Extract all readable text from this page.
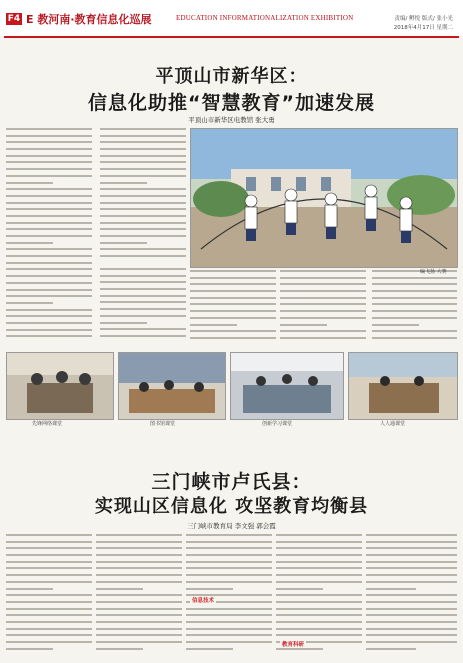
F4 E 教河南·教育信息化巡展	EDUCATION INFORMATIONALIZATION EXHIBITION	责编/ 孵悦 版式/ 张小光
2018年4月17日 星期二
平顶山市新华区：
信息化助推“智慧教育”加速发展
平顶山市新华区电教馆 张大勇
编飞扬 大赛
先锋网络课堂	图书馆课堂	创新学习课堂	人人通课堂
三门峡市卢氏县：
实现山区信息化 攻坚教育均衡县
三门峡市教育局 李文强 郭会霞
信息技术
教育科研
